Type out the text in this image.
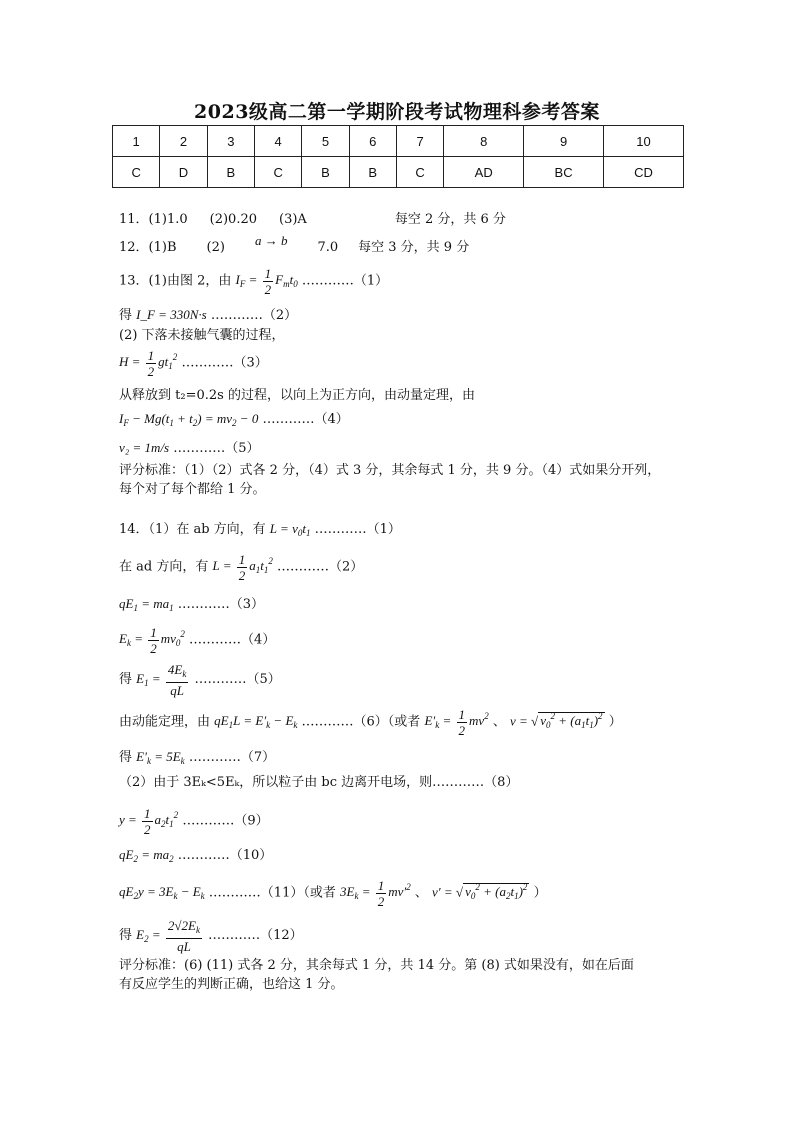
2023级高二第一学期阶段考试物理科参考答案
1	2	3	4	5	6	7	8	9	10
C	D	B	C	B	B	C	AD	BC	CD
11．(1)1.0 (2)0.20 (3)A	每空 2 分，共 6 分
12．(1)B (2) a → b 7.0 每空 3 分，共 9 分
13．(1)由图 2，由 $I_F = \frac{1}{2} F_mt_0$ …………（1）
得 I_F = 330N·s …………（2）
(2) 下落未接触气囊的过程，
$H = \frac{1}{2} gt_1^2$ …………（3）
从释放到 t₂=0.2s 的过程，以向上为正方向，由动量定理，由
$I_F - Mg(t_1 + t_2) = mv_2 - 0$ …………（4）
v₂ = 1m/s …………（5）
评分标准：（1）（2）式各 2 分，（4）式 3 分，其余每式 1 分，共 9 分。（4）式如果分开列，
每个对了每个都给 1 分。
14．（1）在 ab 方向，有 $L = v_0t_1$ …………（1）
在 ad 方向，有 $L = \frac{1}{2} a_1t_1^2$ …………（2）
$qE_1 = ma_1$ …………（3）
$E_k = \frac{1}{2} mv_0^2$ …………（4）
得 $E_1 = \frac{4E_k}{qL}$ …………（5）
由动能定理，由 $qE_1L = E'_k - E_k$ …………（6）（或者 $E'_k = \frac{1}{2} mv^2$ 、 v = √ $v_0^2 + (a_1t_1)^2$ ）
得 $E'_k = 5E_k$ …………（7）
（2）由于 3Eₖ<5Eₖ，所以粒子由 bc 边离开电场，则…………（8）
$y = \frac{1}{2} a_2t_1^2$ …………（9）
$qE_2 = ma_2$ …………（10）
$qE_2y = 3E_k - E_k$ …………（11）（或者 $3E_k = \frac{1}{2} mv'^2$ 、 v′ = √ $v_0^2 + (a_2t_1)^2$ ）
得 $E_2 = \frac{2√2E_k}{qL}$ …………（12）
评分标准：(6) (11) 式各 2 分，其余每式 1 分，共 14 分。第 (8) 式如果没有，如在后面
有反应学生的判断正确，也给这 1 分。
